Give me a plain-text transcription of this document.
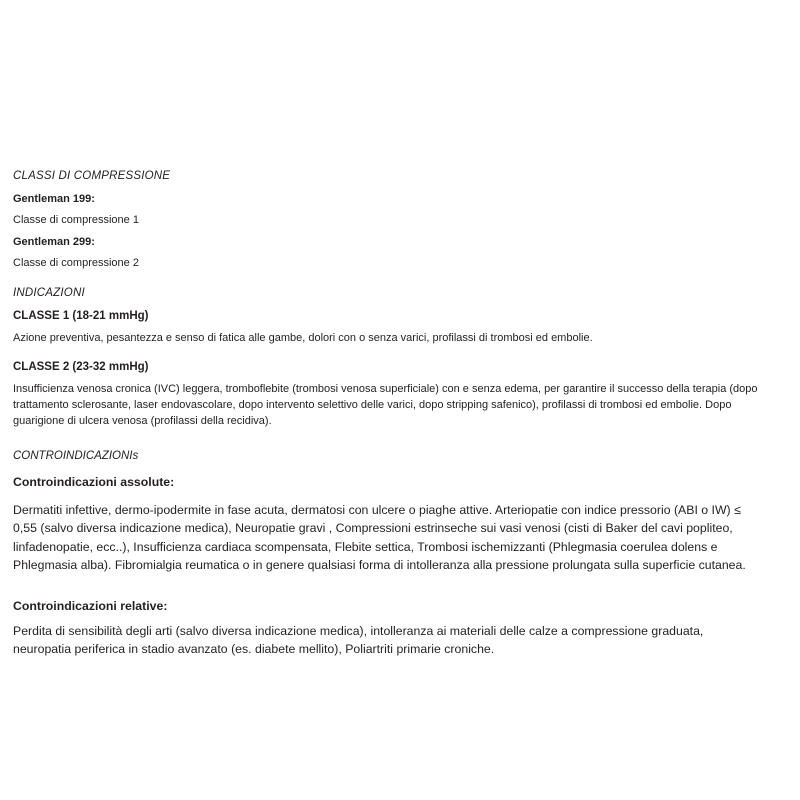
CLASSI DI COMPRESSIONE
Gentleman 199:
Classe di compressione 1
Gentleman 299:
Classe di compressione 2
INDICAZIONI
CLASSE 1 (18-21 mmHg)
Azione preventiva, pesantezza e senso di fatica alle gambe, dolori con o senza varici, profilassi di trombosi ed embolie.
CLASSE 2 (23-32 mmHg)
Insufficienza venosa cronica (IVC) leggera, tromboflebite (trombosi venosa superficiale) con e senza edema, per garantire il successo della terapia (dopo trattamento sclerosante, laser endovascolare, dopo intervento selettivo delle varici, dopo stripping safenico), profilassi di trombosi ed embolie. Dopo guarigione di ulcera venosa (profilassi della recidiva).
CONTROINDICAZIONIs
Controindicazioni assolute:
Dermatiti infettive, dermo-ipodermite in fase acuta, dermatosi con ulcere o piaghe attive. Arteriopatie con indice pressorio (ABI o IW) ≤ 0,55 (salvo diversa indicazione medica), Neuropatie gravi , Compressioni estrinseche sui vasi venosi (cisti di Baker del cavi popliteo, linfadenopatie, ecc..), Insufficienza cardiaca scompensata, Flebite settica, Trombosi ischemizzanti (Phlegmasia coerulea dolens e Phlegmasia alba). Fibromialgia reumatica o in genere qualsiasi forma di intolleranza alla pressione prolungata sulla superficie cutanea.
Controindicazioni relative:
Perdita di sensibilità degli arti (salvo diversa indicazione medica), intolleranza ai materiali delle calze a compressione graduata, neuropatia periferica in stadio avanzato (es. diabete mellito), Poliartriti primarie croniche.
